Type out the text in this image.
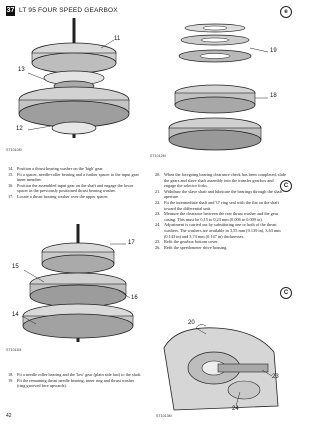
37 LT 95 FOUR SPEED GEARBOX	e
11
13
12
ST1010M
19
18
ST1012M
14. Position a thrust bearing washer on the 'high' gear.
15. Fit a spacer, needle-roller bearing and a further spacer to the input gear inner member.
16. Position the assembled input gear on the shaft and engage the lower spacer in the previously positioned thrust bearing washer.
17. Locate a thrust bearing washer over the upper spacer.
20. When the foregoing bearing clearance check has been completed, slide the gears and slave shaft assembly into the transfer gearbox and engage the selector forks.
21. Withdraw the slave shaft and lubricate the bearings through the shaft aperture.
22. Fit the intermediate shaft and 'O' ring seal with the flat on the shaft toward the differential unit.
23. Measure the clearance between the rear thrust washer and the gear casing. This must be 0,15 to 0,23 mm (0.006 to 0.009 in).
24. Adjustment is carried out by substituting one or both of the thrust washers. The washers are available in 3,55 mm (0.139 in), 3,63 mm (0.143 in) and 3,74 mm (0.147 in) thicknesses.
25. Refit the gearbox bottom cover.
26. Refit the speedometer drive housing.
C
C
17
15
16
14
ST1011M
18. Fit a needle roller bearing and the 'low' gear (plain side last) to the shaft.
19. Fit the remaining thrust needle bearing, inner ring and thrust washer (ring grooved face upwards).
42
20
23
24
ST1013M
